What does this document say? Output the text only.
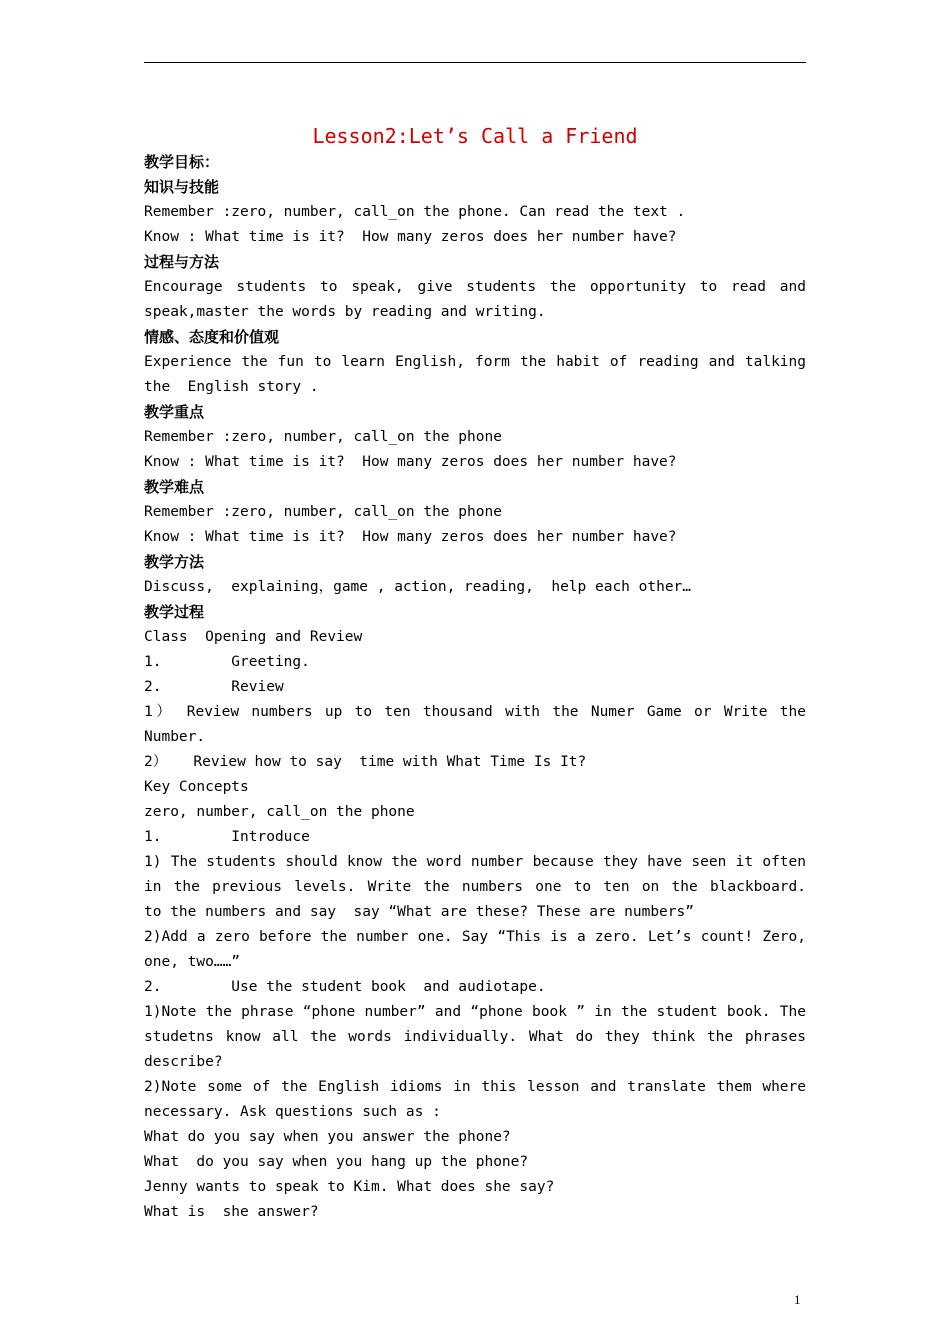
Lesson2:Let’s Call a Friend
教学目标：
知识与技能
Remember :zero, number, call_on the phone. Can read the text .
Know : What time is it?  How many zeros does her number have?
过程与方法
Encourage students to speak, give students the opportunity to read and
speak,master the words by reading and writing.
情感、态度和价值观
Experience the fun to learn English, form the habit of reading and talking
the  English story .
教学重点
Remember :zero, number, call_on the phone
Know : What time is it?  How many zeros does her number have?
教学难点
Remember :zero, number, call_on the phone
Know : What time is it?  How many zeros does her number have?
教学方法
Discuss,  explaining，game , action, reading,  help each other…
教学过程
Class  Opening and Review
1.        Greeting.
2.        Review
1） Review numbers up to ten thousand with the Numer Game or Write the
Number.
2）   Review how to say  time with What Time Is It?
Key Concepts
zero, number, call_on the phone
1.        Introduce
1) The students should know the word number because they have seen it often
in the previous levels. Write the numbers one to ten on the blackboard.
to the numbers and say  say “What are these? These are numbers”
2)Add a zero before the number one. Say “This is a zero. Let’s count! Zero,
one, two……”
2.        Use the student book  and audiotape.
1)Note the phrase “phone number” and “phone book ” in the student book. The
studetns know all the words individually. What do they think the phrases
describe?
2)Note some of the English idioms in this lesson and translate them where
necessary. Ask questions such as :
What do you say when you answer the phone?
What  do you say when you hang up the phone?
Jenny wants to speak to Kim. What does she say?
What is  she answer?
1
